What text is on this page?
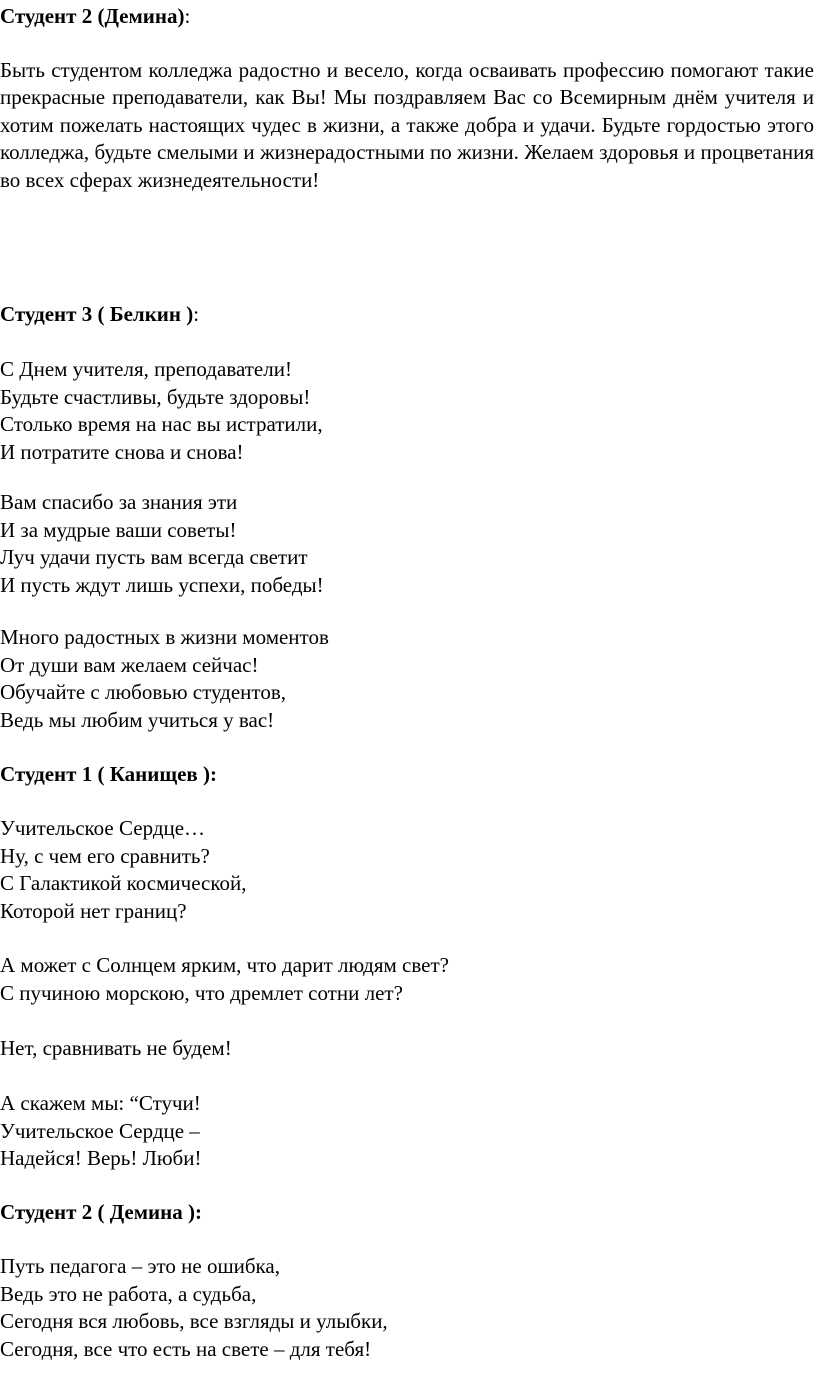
Студент 2 (Демина):

Быть студентом колледжа радостно и весело, когда осваивать профессию помогают такие прекрасные преподаватели, как Вы! Мы поздравляем Вас со Всемирным днём учителя и хотим пожелать настоящих чудес в жизни, а также добра и удачи. Будьте гордостью этого колледжа, будьте смелыми и жизнерадостными по жизни. Желаем здоровья и процветания во всех сферах жизнедеятельности!

Студент 3 ( Белкин ):
С Днем учителя, преподаватели!
Будьте счастливы, будьте здоровы!
Столько время на нас вы истратили,
И потратите снова и снова!
Вам спасибо за знания эти
И за мудрые ваши советы!
Луч удачи пусть вам всегда светит
И пусть ждут лишь успехи, победы!
Много радостных в жизни моментов
От души вам желаем сейчас!
Обучайте с любовью студентов,
Ведь мы любим учиться у вас!
Студент 1 ( Канищев ):
Учительское Сердце…
Ну, с чем его сравнить?
С Галактикой космической,
Которой нет границ?
А может с Солнцем ярким, что дарит людям свет?
С пучиною морскою, что дремлет сотни лет?
Нет, сравнивать не будем!
А скажем мы: “Стучи!
Учительское Сердце –
Надейся! Верь! Люби!
Студент 2 ( Демина ):
Путь педагога – это не ошибка,
Ведь это не работа, а судьба,
Сегодня вся любовь, все взгляды и улыбки,
Сегодня, все что есть на свете – для тебя!
